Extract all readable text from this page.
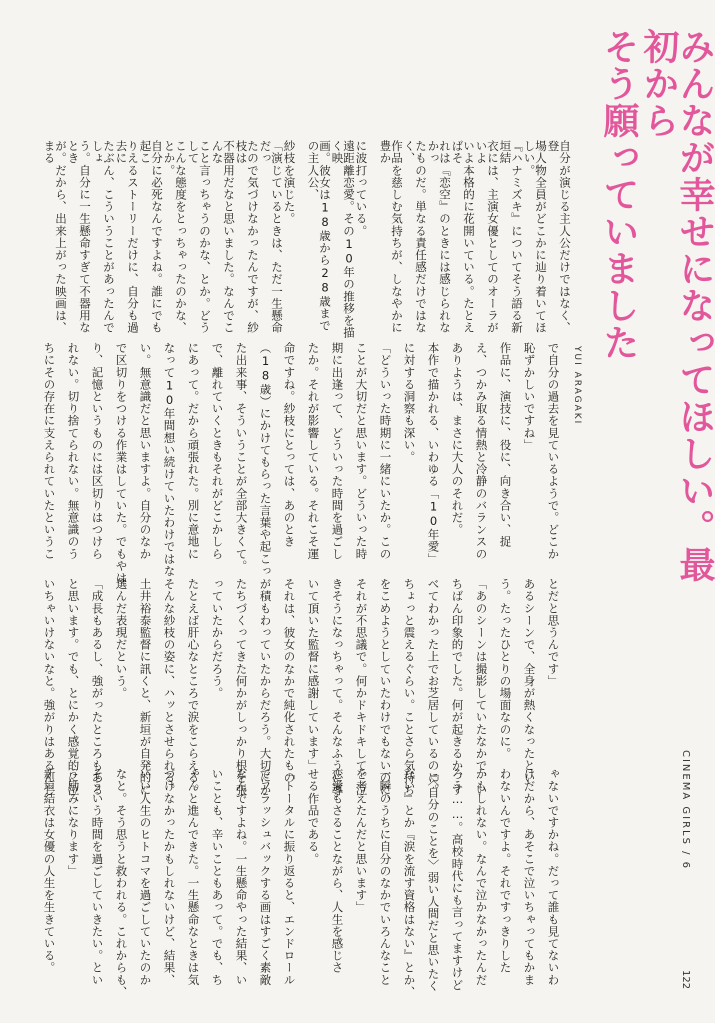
みんなが幸せになってほしい。最初から
そう願っていました
YUI ARAGAKI
CINEMA GIRLS / 6
122

自分が演じる主人公だけではなく、登

場人物全員がどこかに辿り着いてほしい。

『ハナミズキ』についてそう語る新垣結

衣には、主演女優としてのオーラがいよ

いよ本格的に花開いている。たとえばそ

れは『恋空』のときには感じられなかっ

たものだ。単なる責任感だけではなく、

作品を慈しむ気持ちが、しなやかに豊か

に波打っている。

遠距離恋愛。その10年の推移を描く映

画。彼女は18歳から28歳までの主人公、

紗枝を演じた。

「演じているときは、ただ一生懸命だっ

たので気づけなかったんですが、紗枝は

不器用だなと思いました。なんでこんな

こと言っちゃうのかな、とか。どうして

こんな態度をとっちゃったのかな、とか。

自分に必死なんですよね。誰にでも起こ

りえるストーリーだけに、自分も過去に

たぶん、こういうことがあったんでしょ

う。自分に一生懸命すぎて不器用なとき

が。だから、出来上がった映画は、まる

で自分の過去を見ているようで。どこか

恥ずかしいですね」

作品に、演技に、役に、向き合い、捉

え、つかみ取る情熱と冷静のバランスの

ありようは、まさに大人のそれだ。

本作で描かれる、いわゆる「10年愛」

に対する洞察も深い。

「どういった時期に一緒にいたか。この

ことが大切だと思います。どういった時

期に出逢って、どういった時間を過ごし

たか。それが影響している。それこそ運

命ですね。紗枝にとっては、あのとき

（18歳）にかけてもらった言葉や起こっ

た出来事、そういうことが全部大きくて。

で、離れていくときもそれがどこかしら

にあって。だから頑張れた。別に意地に

なって10年間想い続けていたわけではな

い。無意識だと思いますよ。自分のなか

で区切りをつける作業はしていた。でもやは

り、記憶というものには区切りはつけら

れない。切り捨てられない。無意識のう

ちにその存在に支えられていたというこ

とだと思うんです」

あるシーンで、全身が熱くなったとい

う。たったひとりの場面なのに。

「あのシーンは撮影していたなかで、い

ちばん印象的でした。何が起きるか、す

べてわかった上でお芝居しているのに。

ちょっと震えるぐらい。ことさら気持ち

をこめようとしていたわけでもないのに、

それが不思議で。何かドキドキして。泣

きそうになっちゃって。そんなふうに導

いて頂いた監督に感謝しています」

それは、彼女のなかで純化されたもの

が積もわっていたからだろう。大切にか

たちづくってきた何かがしっかり根を張

っていたからだろう。

たとえば肝心なところで涙をこらえる。

そんな紗枝の姿に、ハッとさせられる。

土井裕泰監督に訊くと、新垣が自発的に

選んだ表現だという。

「成長もあるし、強がったところもある

と思います。でも、とにかく感覚的に泣

いちゃいけないなと。強がりはあるんじ

ゃないですかね。だって誰も見てないわ

けだから、あそこで泣いちゃってもかま

わないんですよ。それですっきりした

かもしれない。なんで泣かなかったんだ

ろう……。高校時代にも言ってますけど

『〈自分のことを〉弱い人間だと思いたく

ない』とか『涙を流す資格はない』とか、

一瞬のうちに自分のなかでいろんなこと

を考えたんだと思います」

恋愛もさることながら、人生を感じさ

せる作品である。

「トータルに振り返ると、エンドロール

でフラッシュバックする画はすごく素敵

なんですよね。一生懸命やった結果、い

いことも、辛いこともあって。でも、ち

ゃんと進んできた。一生懸命なときは気

づけなかったかもしれないけど、結果、

いい人生のヒトコマを過ごしていたのか

なと。そう思うと救われる。これからも、

そういう時間を過ごしていきたい。とい

う励みになります」

新垣結衣は女優の人生を生きている。
